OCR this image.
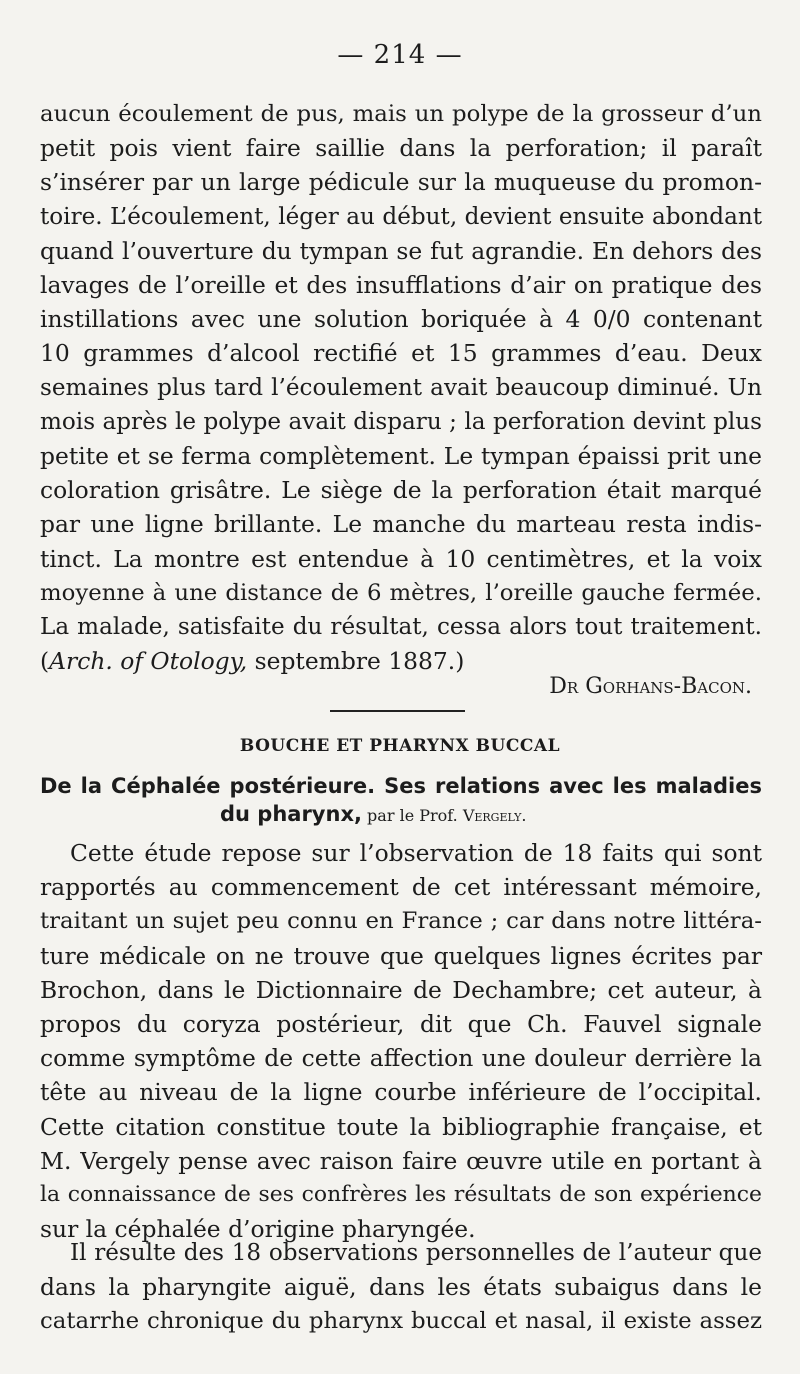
— 214 —
aucun écoulement de pus, mais un polype de la grosseur d’un
petit pois vient faire saillie dans la perforation; il paraît
s’insérer par un large pédicule sur la muqueuse du promon-
toire. L’écoulement, léger au début, devient ensuite abondant
quand l’ouverture du tympan se fut agrandie. En dehors des
lavages de l’oreille et des insufflations d’air on pratique des
instillations avec une solution boriquée à 4 0/0 contenant
10 grammes d’alcool rectifié et 15 grammes d’eau. Deux
semaines plus tard l’écoulement avait beaucoup diminué. Un
mois après le polype avait disparu ; la perforation devint plus
petite et se ferma complètement. Le tympan épaissi prit une
coloration grisâtre. Le siège de la perforation était marqué
par une ligne brillante. Le manche du marteau resta indis-
tinct. La montre est entendue à 10 centimètres, et la voix
moyenne à une distance de 6 mètres, l’oreille gauche fermée.
La malade, satisfaite du résultat, cessa alors tout traitement.
(Arch. of Otology, septembre 1887.)
Dr Gorhans-Bacon.
BOUCHE ET PHARYNX BUCCAL
De la Céphalée postérieure. Ses relations avec les maladies
du pharynx, par le Prof. Vergely.
Cette étude repose sur l’observation de 18 faits qui sont
rapportés au commencement de cet intéressant mémoire,
traitant un sujet peu connu en France ; car dans notre littéra-
ture médicale on ne trouve que quelques lignes écrites par
Brochon, dans le Dictionnaire de Dechambre; cet auteur, à
propos du coryza postérieur, dit que Ch. Fauvel signale
comme symptôme de cette affection une douleur derrière la
tête au niveau de la ligne courbe inférieure de l’occipital.
Cette citation constitue toute la bibliographie française, et
M. Vergely pense avec raison faire œuvre utile en portant à
la connaissance de ses confrères les résultats de son expérience
sur la céphalée d’origine pharyngée.
Il résulte des 18 observations personnelles de l’auteur que
dans la pharyngite aiguë, dans les états subaigus dans le
catarrhe chronique du pharynx buccal et nasal, il existe assez
